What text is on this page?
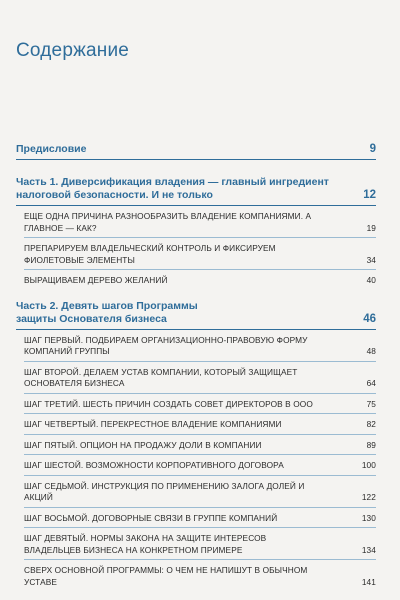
Содержание
Предисловие	9
Часть 1. Диверсификация владения — главный ингредиент налоговой безопасности. И не только	12
ЕЩЕ ОДНА ПРИЧИНА РАЗНООБРАЗИТЬ ВЛАДЕНИЕ КОМПАНИЯМИ. А ГЛАВНОЕ — КАК?	19
ПРЕПАРИРУЕМ ВЛАДЕЛЬЧЕСКИЙ КОНТРОЛЬ И ФИКСИРУЕМ ФИОЛЕТОВЫЕ ЭЛЕМЕНТЫ	34
ВЫРАЩИВАЕМ ДЕРЕВО ЖЕЛАНИЙ	40
Часть 2. Девять шагов Программы защиты Основателя бизнеса	46
ШАГ ПЕРВЫЙ. ПОДБИРАЕМ ОРГАНИЗАЦИОННО-ПРАВОВУЮ ФОРМУ КОМПАНИЙ ГРУППЫ	48
ШАГ ВТОРОЙ. ДЕЛАЕМ УСТАВ КОМПАНИИ, КОТОРЫЙ ЗАЩИЩАЕТ ОСНОВАТЕЛЯ БИЗНЕСА	64
ШАГ ТРЕТИЙ. ШЕСТЬ ПРИЧИН СОЗДАТЬ СОВЕТ ДИРЕКТОРОВ В ООО	75
ШАГ ЧЕТВЕРТЫЙ. ПЕРЕКРЕСТНОЕ ВЛАДЕНИЕ КОМПАНИЯМИ	82
ШАГ ПЯТЫЙ. ОПЦИОН НА ПРОДАЖУ ДОЛИ В КОМПАНИИ	89
ШАГ ШЕСТОЙ. ВОЗМОЖНОСТИ КОРПОРАТИВНОГО ДОГОВОРА	100
ШАГ СЕДЬМОЙ. ИНСТРУКЦИЯ ПО ПРИМЕНЕНИЮ ЗАЛОГА ДОЛЕЙ И АКЦИЙ	122
ШАГ ВОСЬМОЙ. ДОГОВОРНЫЕ СВЯЗИ В ГРУППЕ КОМПАНИЙ	130
ШАГ ДЕВЯТЫЙ. НОРМЫ ЗАКОНА НА ЗАЩИТЕ ИНТЕРЕСОВ ВЛАДЕЛЬЦЕВ БИЗНЕСА НА КОНКРЕТНОМ ПРИМЕРЕ	134
СВЕРХ ОСНОВНОЙ ПРОГРАММЫ: О ЧЕМ НЕ НАПИШУТ В ОБЫЧНОМ УСТАВЕ	141
